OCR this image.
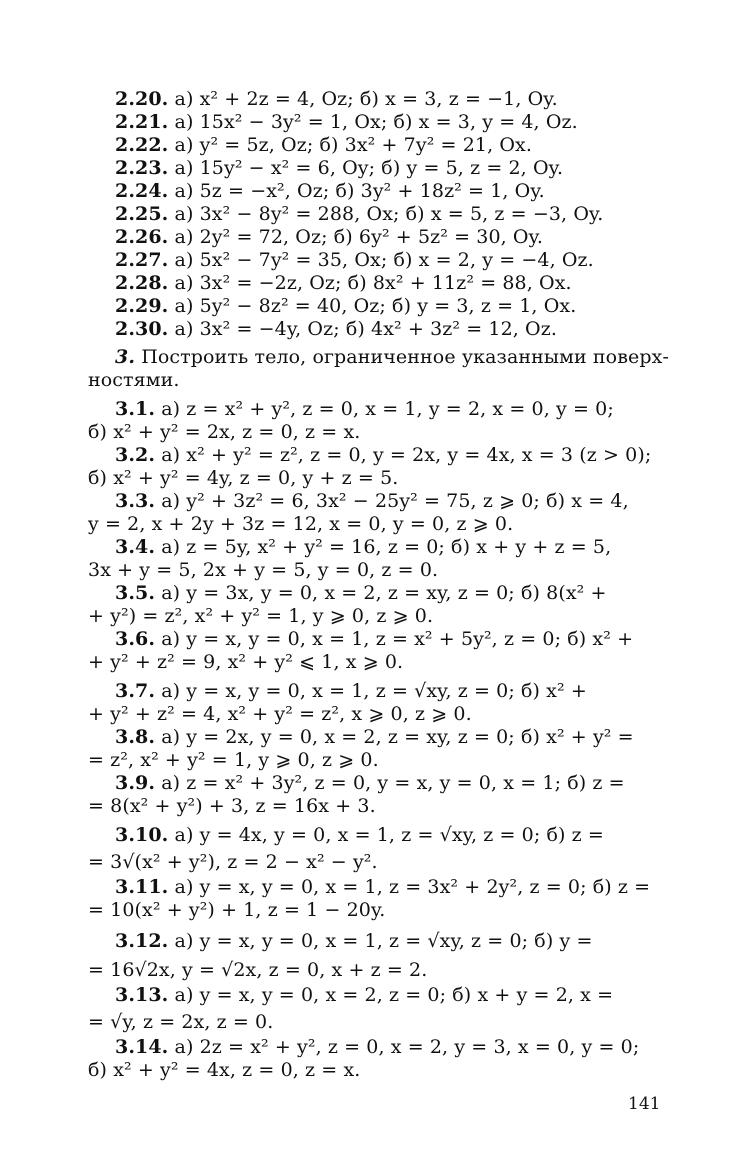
2.20. а) x² + 2z = 4, Oz; б) x = 3, z = −1, Oy.
2.21. а) 15x² − 3y² = 1, Ox; б) x = 3, y = 4, Oz.
2.22. а) y² = 5z, Oz; б) 3x² + 7y² = 21, Ox.
2.23. а) 15y² − x² = 6, Oy; б) y = 5, z = 2, Oy.
2.24. а) 5z = −x², Oz; б) 3y² + 18z² = 1, Oy.
2.25. а) 3x² − 8y² = 288, Ox; б) x = 5, z = −3, Oy.
2.26. а) 2y² = 72, Oz; б) 6y² + 5z² = 30, Oy.
2.27. а) 5x² − 7y² = 35, Ox; б) x = 2, y = −4, Oz.
2.28. а) 3x² = −2z, Oz; б) 8x² + 11z² = 88, Ox.
2.29. а) 5y² − 8z² = 40, Oz; б) y = 3, z = 1, Ox.
2.30. а) 3x² = −4y, Oz; б) 4x² + 3z² = 12, Oz.
3. Построить тело, ограниченное указанными поверх-
ностями.
3.1. а) z = x² + y², z = 0, x = 1, y = 2, x = 0, y = 0;
б) x² + y² = 2x, z = 0, z = x.
3.2. а) x² + y² = z², z = 0, y = 2x, y = 4x, x = 3 (z > 0);
б) x² + y² = 4y, z = 0, y + z = 5.
3.3. а) y² + 3z² = 6, 3x² − 25y² = 75, z ⩾ 0; б) x = 4,
y = 2, x + 2y + 3z = 12, x = 0, y = 0, z ⩾ 0.
3.4. а) z = 5y, x² + y² = 16, z = 0; б) x + y + z = 5,
3x + y = 5, 2x + y = 5, y = 0, z = 0.
3.5. а) y = 3x, y = 0, x = 2, z = xy, z = 0; б) 8(x² +
+ y²) = z², x² + y² = 1, y ⩾ 0, z ⩾ 0.
3.6. а) y = x, y = 0, x = 1, z = x² + 5y², z = 0; б) x² +
+ y² + z² = 9, x² + y² ⩽ 1, x ⩾ 0.
3.7. а) y = x, y = 0, x = 1, z = √xy, z = 0; б) x² +
+ y² + z² = 4, x² + y² = z², x ⩾ 0, z ⩾ 0.
3.8. а) y = 2x, y = 0, x = 2, z = xy, z = 0; б) x² + y² =
= z², x² + y² = 1, y ⩾ 0, z ⩾ 0.
3.9. а) z = x² + 3y², z = 0, y = x, y = 0, x = 1; б) z =
= 8(x² + y²) + 3, z = 16x + 3.
3.10. а) y = 4x, y = 0, x = 1, z = √xy, z = 0; б) z =
= 3√(x² + y²), z = 2 − x² − y².
3.11. а) y = x, y = 0, x = 1, z = 3x² + 2y², z = 0; б) z =
= 10(x² + y²) + 1, z = 1 − 20y.
3.12. а) y = x, y = 0, x = 1, z = √xy, z = 0; б) y =
= 16√2x, y = √2x, z = 0, x + z = 2.
3.13. а) y = x, y = 0, x = 2, z = 0; б) x + y = 2, x =
= √y, z = 2x, z = 0.
3.14. а) 2z = x² + y², z = 0, x = 2, y = 3, x = 0, y = 0;
б) x² + y² = 4x, z = 0, z = x.
141
